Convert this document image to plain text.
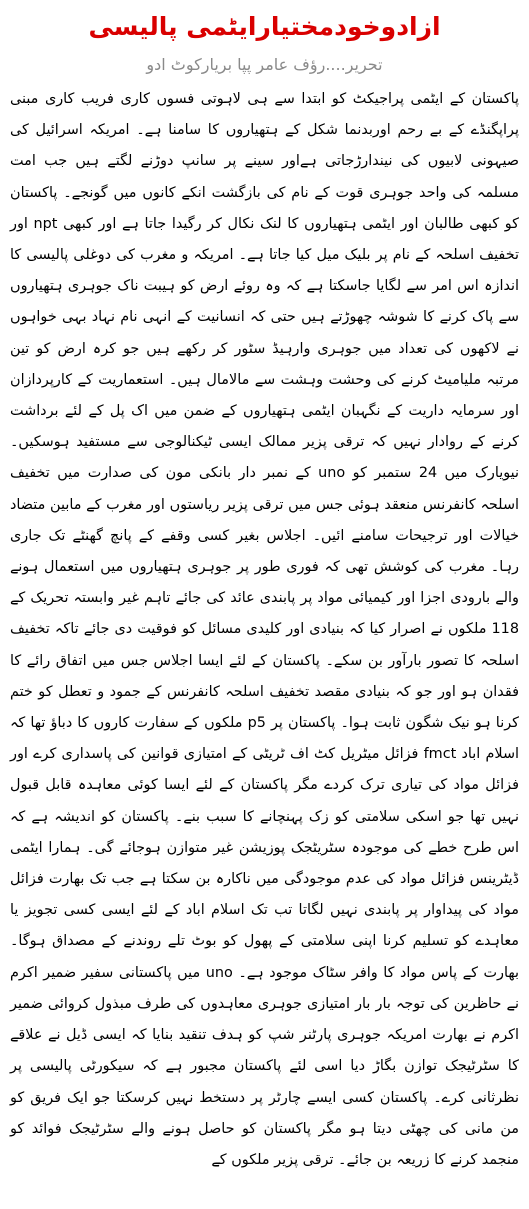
ازادوخودمختیارایٹمی پالیسی
تحریر....رؤف عامر پپا بریارکوٹ ادو

پاکستان کے ایٹمی پراجیکٹ کو ابتدا سے ہی لاہوتی فسوں کاری فریب کاری مبنی پراپگنڈے کے بے رحم اوربدنما شکل کے ہتھیاروں کا سامنا ہے۔ امریکہ اسرائیل کی صیہونی لابیوں کی نیندارڑجاتی ہےاور سینے پر سانپ دوڑنے لگتے ہیں جب امت مسلمہ کی واحد جوہری قوت کے نام کی بازگشت انکے کانوں میں گونجے۔ پاکستان کو کبھی طالبان اور ایٹمی ہتھیاروں کا لنک نکال کر رگیدا جاتا ہے اور کبھی npt اور تخفیف اسلحہ کے نام پر بلیک میل کیا جاتا ہے۔ امریکہ و مغرب کی دوغلی پالیسی کا اندازہ اس امر سے لگایا جاسکتا ہے کہ وہ روئے ارض کو ہیبت ناک جوہری ہتھیاروں سے پاک کرنے کا شوشہ چھوڑتے ہیں حتی کہ انسانیت کے انہی نام نہاد بہی خواہوں نے لاکھوں کی تعداد میں جوہری وارہیڈ سٹور کر رکھے ہیں جو کرہ ارض کو تین مرتبہ ملیامیٹ کرنے کی وحشت وہشت سے مالامال ہیں۔ استعماریت کے کارپردازان اور سرمایہ داریت کے نگہبان ایٹمی ہتھیاروں کے ضمن میں اک پل کے لئے برداشت کرنے کے روادار نہیں کہ ترقی پزیر ممالک ایسی ٹیکنالوجی سے مستفید ہوسکیں۔ نیویارک میں 24 ستمبر کو uno کے نمبر دار بانکی مون کی صدارت میں تخفیف اسلحہ کانفرنس منعقد ہوئی جس میں ترقی پزیر ریاستوں اور مغرب کے مابین متضاد خیالات اور ترجیحات سامنے ائیں۔ اجلاس بغیر کسی وقفے کے پانچ گھنٹے تک جاری رہا۔ مغرب کی کوشش تھی کہ فوری طور پر جوہری ہتھیاروں میں استعمال ہونے والے بارودی اجزا اور کیمیائی مواد پر پابندی عائد کی جائے تاہم غیر وابستہ تحریک کے 118 ملکوں نے اصرار کیا کہ بنیادی اور کلیدی مسائل کو فوقیت دی جائے تاکہ تخفیف اسلحہ کا تصور بارآور بن سکے۔ پاکستان کے لئے ایسا اجلاس جس میں اتفاق رائے کا فقدان ہو اور جو کہ بنیادی مقصد تخفیف اسلحہ کانفرنس کے جمود و تعطل کو ختم کرنا ہو نیک شگون ثابت ہوا۔ پاکستان پر p5 ملکوں کے سفارت کاروں کا دباؤ تھا کہ اسلام اباد fmct فزائل میٹریل کٹ اف ٹریٹی کے امتیازی قوانین کی پاسداری کرے اور فزائل مواد کی تیاری ترک کردے مگر پاکستان کے لئے ایسا کوئی معاہدہ قابل قبول نہیں تھا جو اسکی سلامتی کو زک پہنچانے کا سبب بنے۔ پاکستان کو اندیشہ ہے کہ اس طرح خطے کی موجودہ سٹریٹجک پوزیشن غیر متوازن ہوجائے گی۔ ہمارا ایٹمی ڈیٹرینس فزائل مواد کی عدم موجودگی میں ناکارہ بن سکتا ہے جب تک بھارت فزائل مواد کی پیداوار پر پابندی نہیں لگاتا تب تک اسلام اباد کے لئے ایسی کسی تجویز یا معاہدے کو تسلیم کرنا اپنی سلامتی کے پھول کو بوٹ تلے روندنے کے مصداق ہوگا۔ بھارت کے پاس مواد کا وافر سٹاک موجود ہے۔ uno میں پاکستانی سفیر ضمیر اکرم نے حاظرین کی توجہ بار بار امتیازی جوہری معاہدوں کی طرف مبذول کروائی ضمیر اکرم نے بھارت امریکہ جوہری پارٹنر شپ کو ہدف تنقید بنایا کہ ایسی ڈیل نے علاقے کا سٹرٹیجک توازن بگاڑ دیا اسی لئے پاکستان مجبور ہے کہ سیکورٹی پالیسی پر نظرثانی کرے۔ پاکستان کسی ایسے چارٹر پر دستخط نہیں کرسکتا جو ایک فریق کو من مانی کی چھٹی دیتا ہو مگر پاکستان کو حاصل ہونے والے سٹرٹیجک فوائد کو منجمد کرنے کا زریعہ بن جائے۔ ترقی پزیر ملکوں کے
